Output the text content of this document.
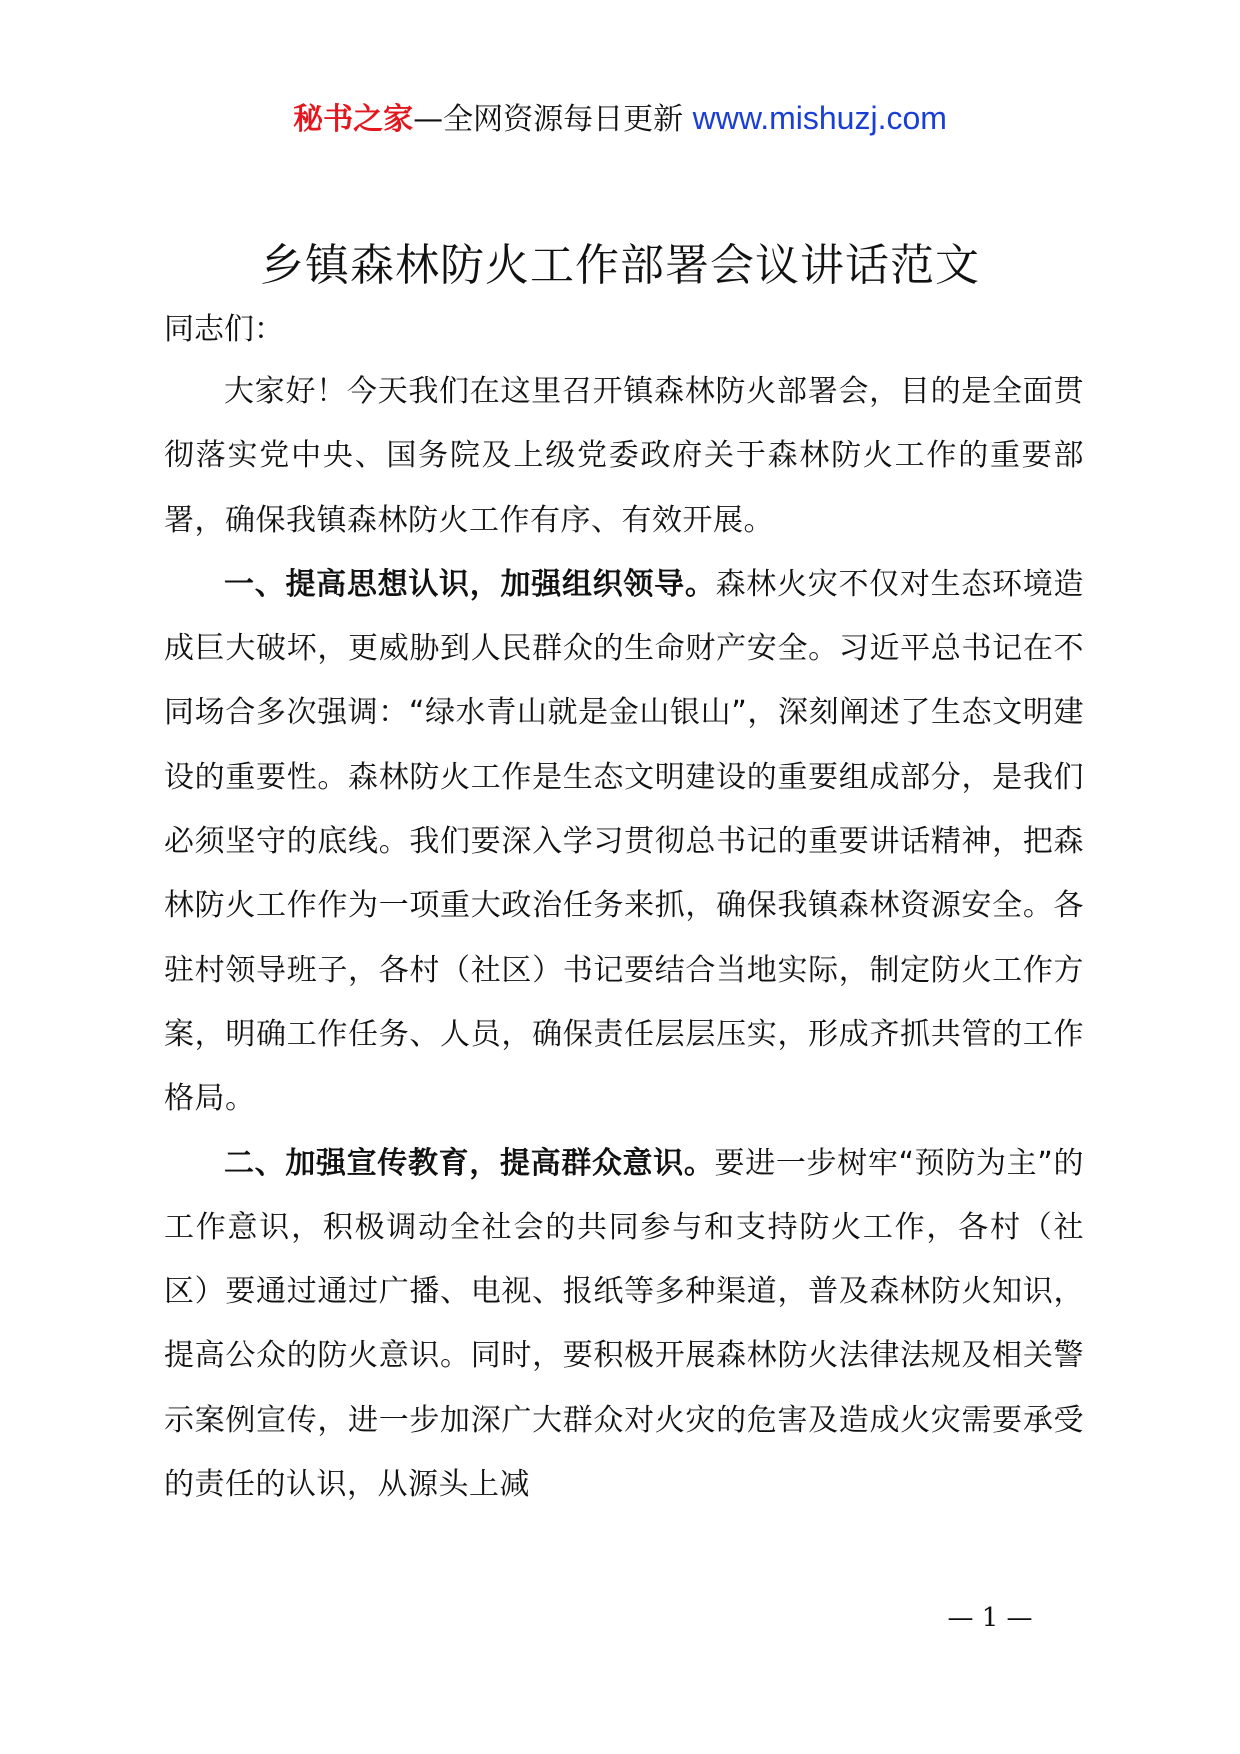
秘书之家—全网资源每日更新 www.mishuzj.com
乡镇森林防火工作部署会议讲话范文

同志们：

大家好！今天我们在这里召开镇森林防火部署会，目的是全面贯彻落实党中央、国务院及上级党委政府关于森林防火工作的重要部署，确保我镇森林防火工作有序、有效开展。

一、提高思想认识，加强组织领导。森林火灾不仅对生态环境造成巨大破坏，更威胁到人民群众的生命财产安全。习近平总书记在不同场合多次强调：“绿水青山就是金山银山”，深刻阐述了生态文明建设的重要性。森林防火工作是生态文明建设的重要组成部分，是我们必须坚守的底线。我们要深入学习贯彻总书记的重要讲话精神，把森林防火工作作为一项重大政治任务来抓，确保我镇森林资源安全。各驻村领导班子，各村（社区）书记要结合当地实际，制定防火工作方案，明确工作任务、人员，确保责任层层压实，形成齐抓共管的工作格局。

二、加强宣传教育，提高群众意识。要进一步树牢“预防为主”的工作意识，积极调动全社会的共同参与和支持防火工作，各村（社区）要通过通过广播、电视、报纸等多种渠道，普及森林防火知识，提高公众的防火意识。同时，要积极开展森林防火法律法规及相关警示案例宣传，进一步加深广大群众对火灾的危害及造成火灾需要承受的责任的认识，从源头上减

— 1 —
